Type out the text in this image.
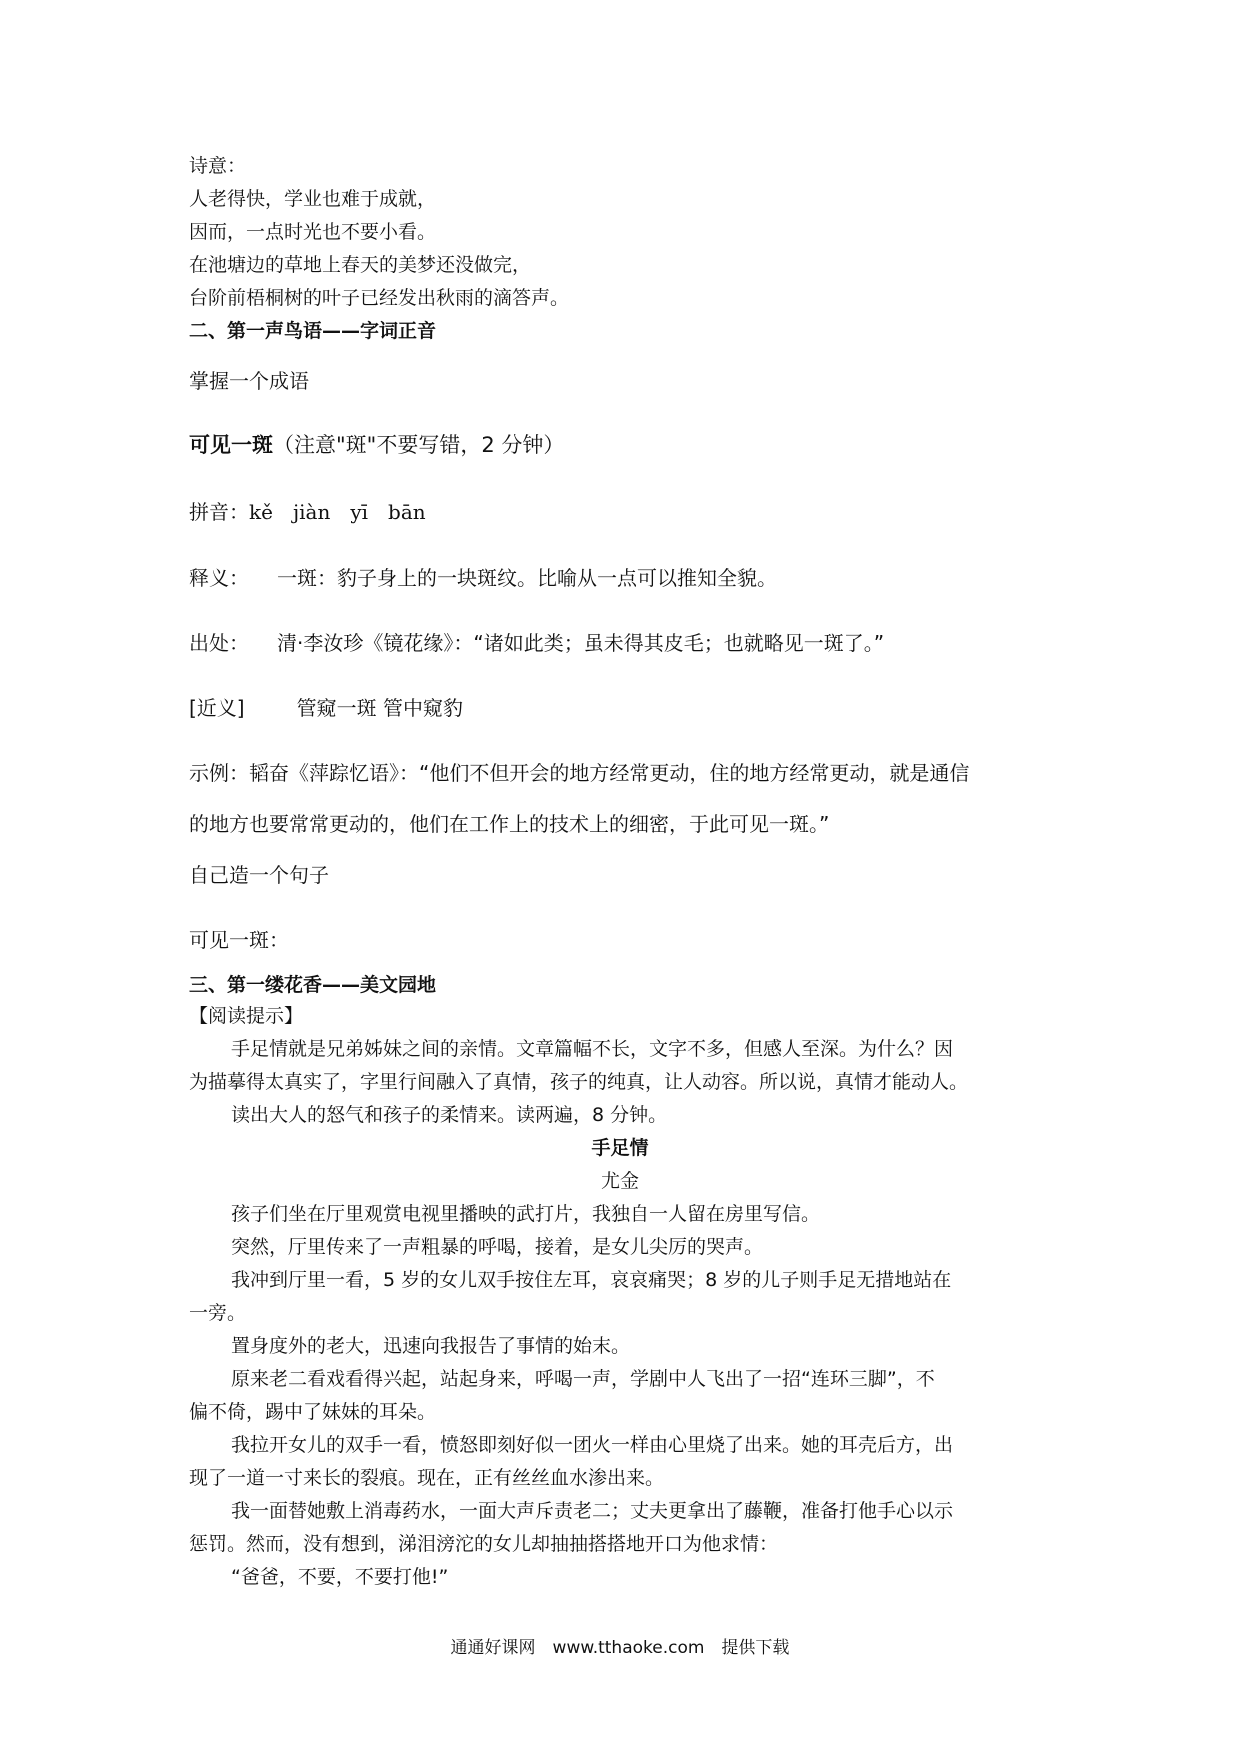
诗意：

人老得快，学业也难于成就，

因而，一点时光也不要小看。

在池塘边的草地上春天的美梦还没做完，

台阶前梧桐树的叶子已经发出秋雨的滴答声。

二、第一声鸟语——字词正音

掌握一个成语

可见一斑（注意"斑"不要写错，2 分钟）

拼音：kě　jiàn　yī　bān

释义： 一斑：豹子身上的一块斑纹。比喻从一点可以推知全貌。

出处： 清·李汝珍《镜花缘》：“诸如此类；虽未得其皮毛；也就略见一斑了。”

[近义]	管窥一斑 管中窥豹

示例：韬奋《萍踪忆语》：“他们不但开会的地方经常更动，住的地方经常更动，就是通信

的地方也要常常更动的，他们在工作上的技术上的细密，于此可见一斑。”

自己造一个句子

可见一斑：

三、第一缕花香——美文园地

【阅读提示】

手足情就是兄弟姊妹之间的亲情。文章篇幅不长，文字不多，但感人至深。为什么？因

为描摹得太真实了，字里行间融入了真情，孩子的纯真，让人动容。所以说，真情才能动人。

读出大人的怒气和孩子的柔情来。读两遍，8 分钟。

手足情

尤金

孩子们坐在厅里观赏电视里播映的武打片，我独自一人留在房里写信。

突然，厅里传来了一声粗暴的呼喝，接着，是女儿尖厉的哭声。

我冲到厅里一看，5 岁的女儿双手按住左耳，哀哀痛哭；8 岁的儿子则手足无措地站在

一旁。

置身度外的老大，迅速向我报告了事情的始末。

原来老二看戏看得兴起，站起身来，呼喝一声，学剧中人飞出了一招“连环三脚”，不

偏不倚，踢中了妹妹的耳朵。

我拉开女儿的双手一看，愤怒即刻好似一团火一样由心里烧了出来。她的耳壳后方，出

现了一道一寸来长的裂痕。现在，正有丝丝血水渗出来。

我一面替她敷上消毒药水，一面大声斥责老二；丈夫更拿出了藤鞭，准备打他手心以示

惩罚。然而，没有想到，涕泪滂沱的女儿却抽抽搭搭地开口为他求情：

“爸爸，不要，不要打他!”

通通好课网　www.tthaoke.com　提供下载
